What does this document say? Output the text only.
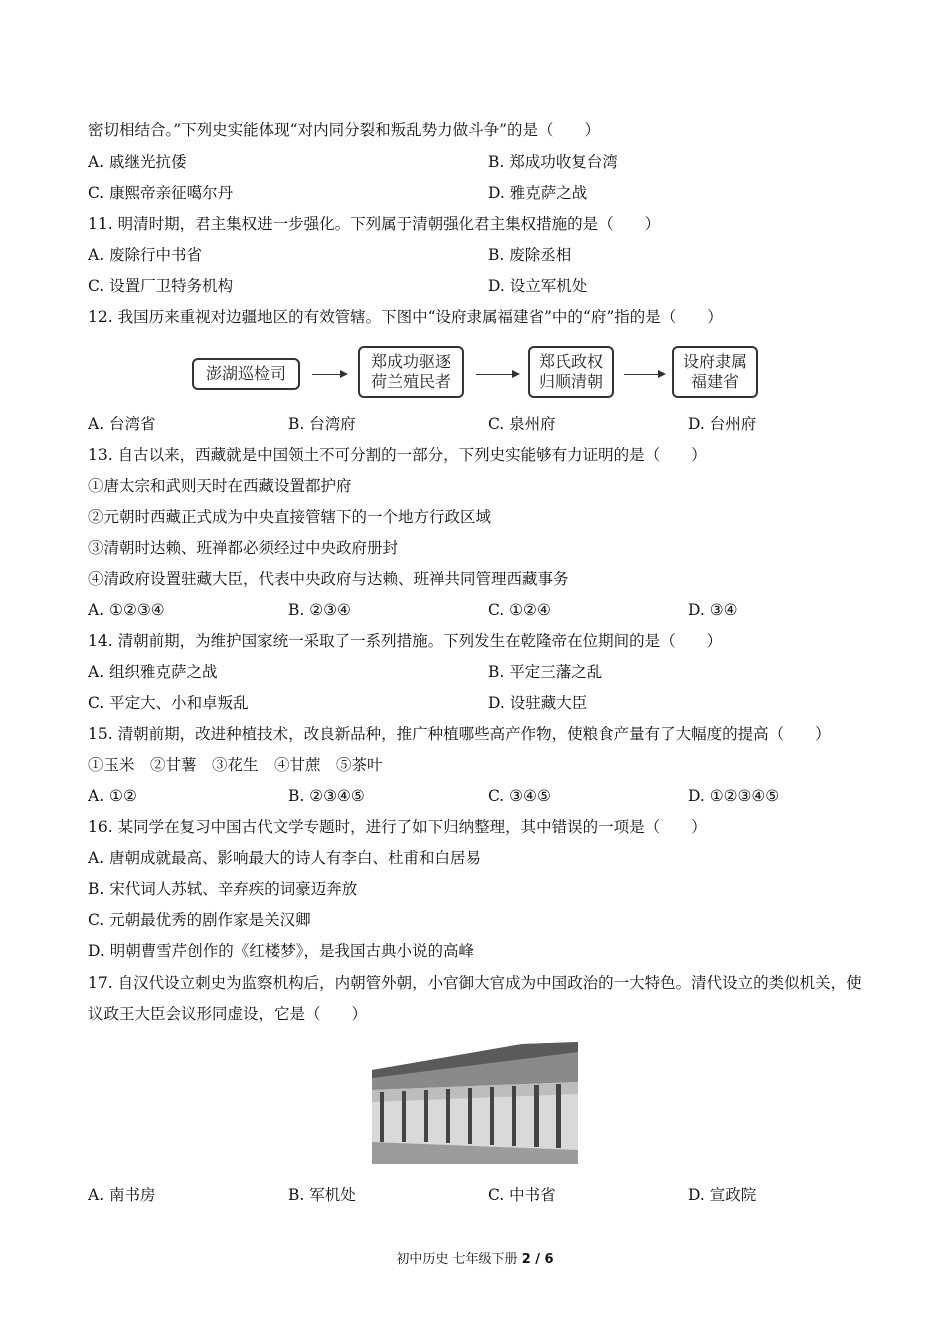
密切相结合。”下列史实能体现“对内同分裂和叛乱势力做斗争”的是（　　）
A. 戚继光抗倭	B. 郑成功收复台湾
C. 康熙帝亲征噶尔丹	D. 雅克萨之战
11. 明清时期，君主集权进一步强化。下列属于清朝强化君主集权措施的是（　　）
A. 废除行中书省	B. 废除丞相
C. 设置厂卫特务机构	D. 设立军机处
12. 我国历来重视对边疆地区的有效管辖。下图中“设府隶属福建省”中的“府”指的是（　　）
澎湖巡检司
郑成功驱逐荷兰殖民者
郑氏政权归顺清朝
设府隶属福建省
A. 台湾省	B. 台湾府	C. 泉州府	D. 台州府
13. 自古以来，西藏就是中国领土不可分割的一部分，下列史实能够有力证明的是（　　）
①唐太宗和武则天时在西藏设置都护府
②元朝时西藏正式成为中央直接管辖下的一个地方行政区域
③清朝时达赖、班禅都必须经过中央政府册封
④清政府设置驻藏大臣，代表中央政府与达赖、班禅共同管理西藏事务
A. ①②③④	B. ②③④	C. ①②④	D. ③④
14. 清朝前期，为维护国家统一采取了一系列措施。下列发生在乾隆帝在位期间的是（　　）
A. 组织雅克萨之战	B. 平定三藩之乱
C. 平定大、小和卓叛乱	D. 设驻藏大臣
15. 清朝前期，改进种植技术，改良新品种，推广种植哪些高产作物，使粮食产量有了大幅度的提高（　　）
①玉米　②甘薯　③花生　④甘蔗　⑤茶叶
A. ①②	B. ②③④⑤	C. ③④⑤	D. ①②③④⑤
16. 某同学在复习中国古代文学专题时，进行了如下归纳整理，其中错误的一项是（　　）
A. 唐朝成就最高、影响最大的诗人有李白、杜甫和白居易
B. 宋代词人苏轼、辛弃疾的词豪迈奔放
C. 元朝最优秀的剧作家是关汉卿
D. 明朝曹雪芹创作的《红楼梦》，是我国古典小说的高峰
17. 自汉代设立刺史为监察机构后，内朝管外朝，小官御大官成为中国政治的一大特色。清代设立的类似机关，使议政王大臣会议形同虚设，它是（　　）
A. 南书房	B. 军机处	C. 中书省	D. 宣政院
初中历史 七年级下册 2 / 6
